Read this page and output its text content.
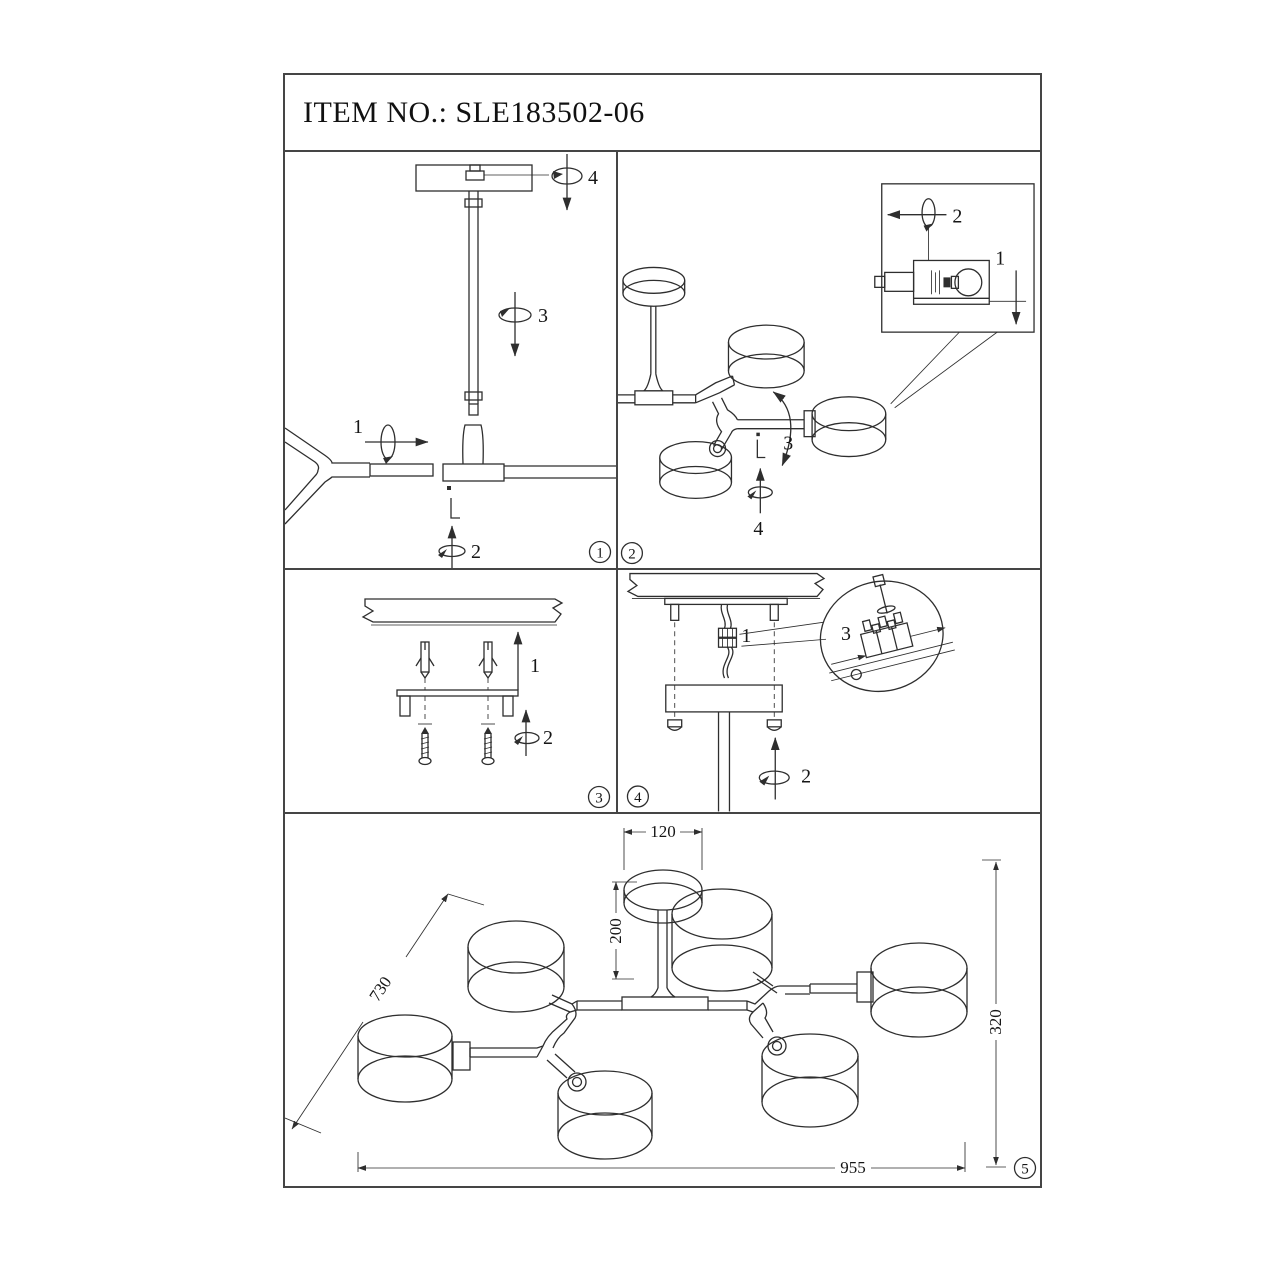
ITEM NO.: SLE183502-06
4
3
1
2	1
3
4
2
1
2
1
2
3
1
2
3
4
120
200
730
320
955	5
